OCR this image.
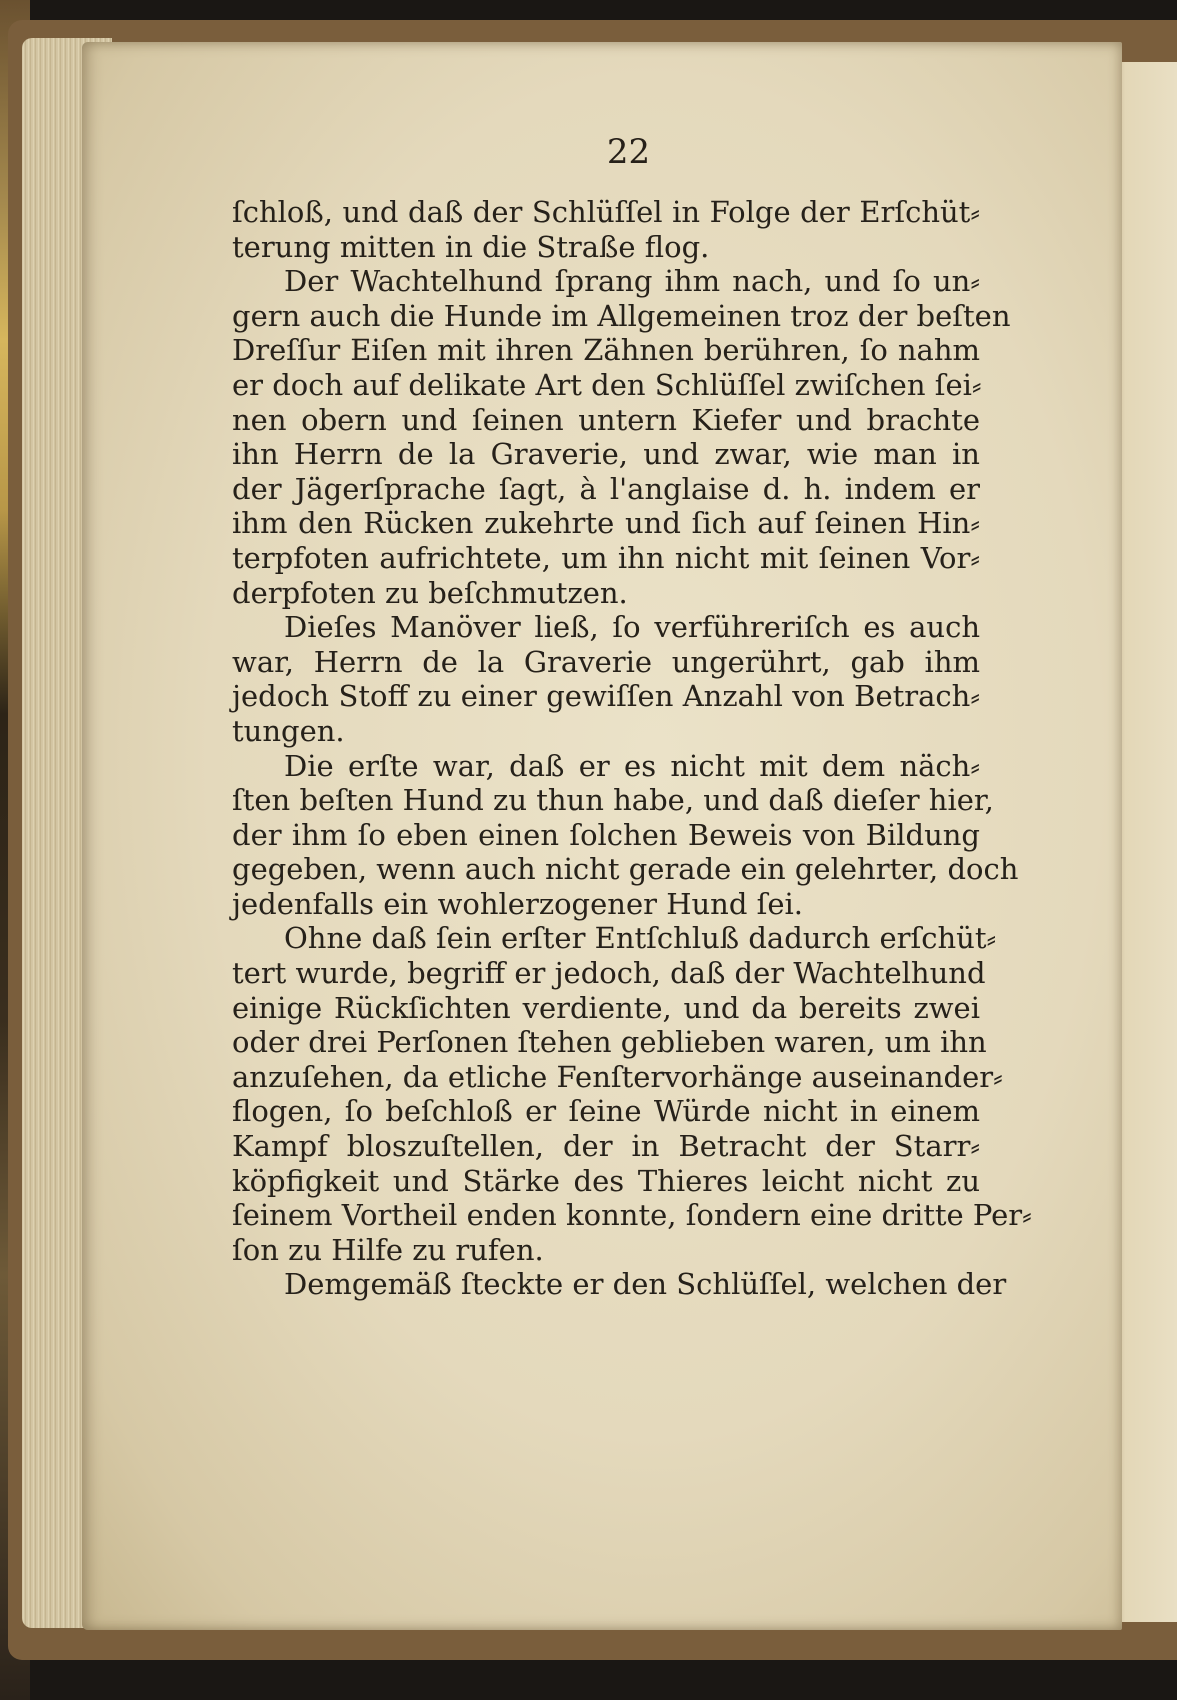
22
ſchloß, und daß der Schlüſſel in Folge der Erſchüt⸗
terung mitten in die Straße flog.
Der Wachtelhund ſprang ihm nach, und ſo un⸗
gern auch die Hunde im Allgemeinen troz der beſten
Dreſſur Eiſen mit ihren Zähnen berühren, ſo nahm
er doch auf delikate Art den Schlüſſel zwiſchen ſei⸗
nen obern und ſeinen untern Kiefer und brachte
ihn Herrn de la Graverie, und zwar, wie man in
der Jägerſprache ſagt, à l'anglaise d. h. indem er
ihm den Rücken zukehrte und ſich auf ſeinen Hin⸗
terpfoten aufrichtete, um ihn nicht mit ſeinen Vor⸗
derpfoten zu beſchmutzen.
Dieſes Manöver ließ, ſo verführeriſch es auch
war, Herrn de la Graverie ungerührt, gab ihm
jedoch Stoff zu einer gewiſſen Anzahl von Betrach⸗
tungen.
Die erſte war, daß er es nicht mit dem näch⸗
ſten beſten Hund zu thun habe, und daß dieſer hier,
der ihm ſo eben einen ſolchen Beweis von Bildung
gegeben, wenn auch nicht gerade ein gelehrter, doch
jedenfalls ein wohlerzogener Hund ſei.
Ohne daß ſein erſter Entſchluß dadurch erſchüt⸗
tert wurde, begriff er jedoch, daß der Wachtelhund
einige Rückſichten verdiente, und da bereits zwei
oder drei Perſonen ſtehen geblieben waren, um ihn
anzuſehen, da etliche Fenſtervorhänge auseinander⸗
flogen, ſo beſchloß er ſeine Würde nicht in einem
Kampf bloszuſtellen, der in Betracht der Starr⸗
köpfigkeit und Stärke des Thieres leicht nicht zu
ſeinem Vortheil enden konnte, ſondern eine dritte Per⸗
ſon zu Hilfe zu rufen.
Demgemäß ſteckte er den Schlüſſel, welchen der
